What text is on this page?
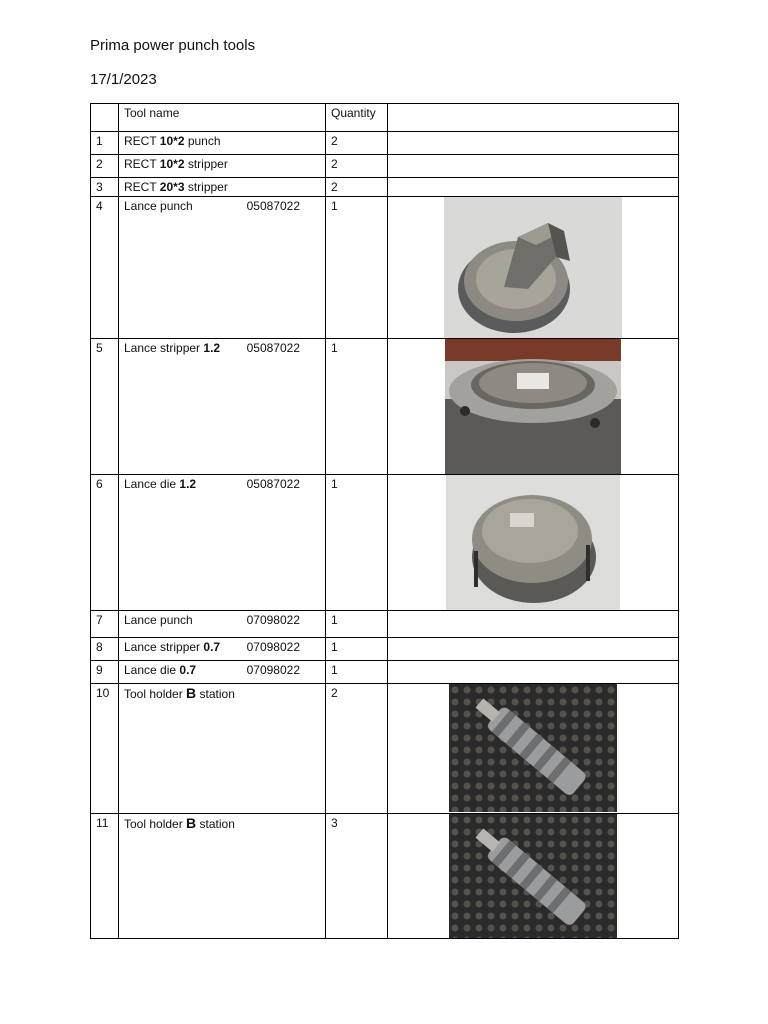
Prima power punch tools
17/1/2023
	Tool name	Quantity	
1	RECT 10*2 punch	2	
2	RECT 10*2 stripper	2	
3	RECT 20*3 stripper	2	
4	Lance punch 05087022	1	

5	Lance stripper 1.2 05087022	1	

6	Lance die 1.2 05087022	1	

7	Lance punch 07098022	1	
8	Lance stripper 0.7 07098022	1	
9	Lance die 0.7 07098022	1	
10	Tool holder B station	2	

11	Tool holder B station	3	
